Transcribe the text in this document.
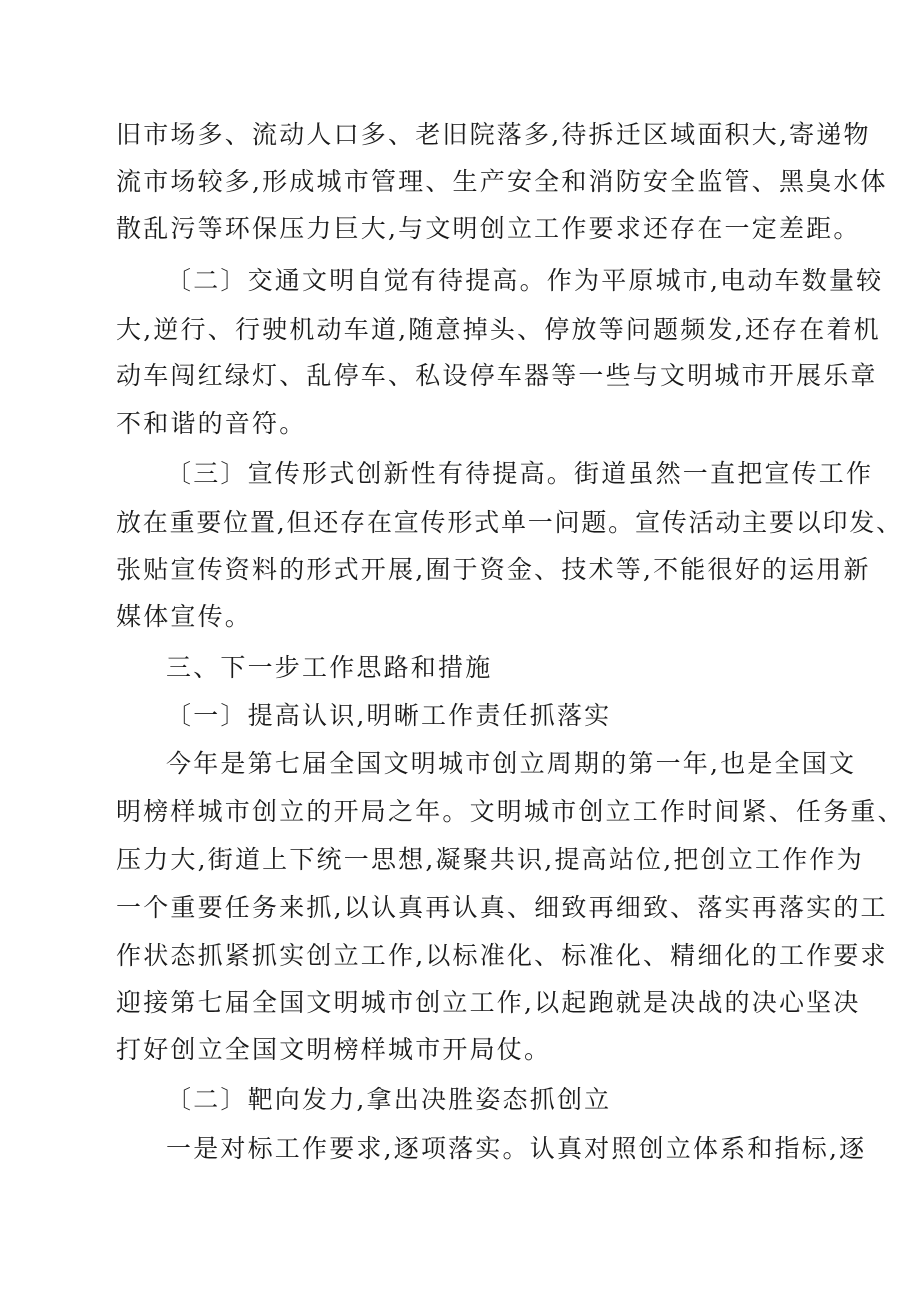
旧市场多、流动人口多、老旧院落多,待拆迁区域面积大,寄递物
流市场较多,形成城市管理、生产安全和消防安全监管、黑臭水体
散乱污等环保压力巨大,与文明创立工作要求还存在一定差距。
〔二〕交通文明自觉有待提高。作为平原城市,电动车数量较
大,逆行、行驶机动车道,随意掉头、停放等问题频发,还存在着机
动车闯红绿灯、乱停车、私设停车器等一些与文明城市开展乐章
不和谐的音符。
〔三〕宣传形式创新性有待提高。街道虽然一直把宣传工作
放在重要位置,但还存在宣传形式单一问题。宣传活动主要以印发、
张贴宣传资料的形式开展,囿于资金、技术等,不能很好的运用新
媒体宣传。
三、下一步工作思路和措施
〔一〕提高认识,明晰工作责任抓落实
今年是第七届全国文明城市创立周期的第一年,也是全国文
明榜样城市创立的开局之年。文明城市创立工作时间紧、任务重、
压力大,街道上下统一思想,凝聚共识,提高站位,把创立工作作为
一个重要任务来抓,以认真再认真、细致再细致、落实再落实的工
作状态抓紧抓实创立工作,以标准化、标准化、精细化的工作要求
迎接第七届全国文明城市创立工作,以起跑就是决战的决心坚决
打好创立全国文明榜样城市开局仗。
〔二〕靶向发力,拿出决胜姿态抓创立
一是对标工作要求,逐项落实。认真对照创立体系和指标,逐
